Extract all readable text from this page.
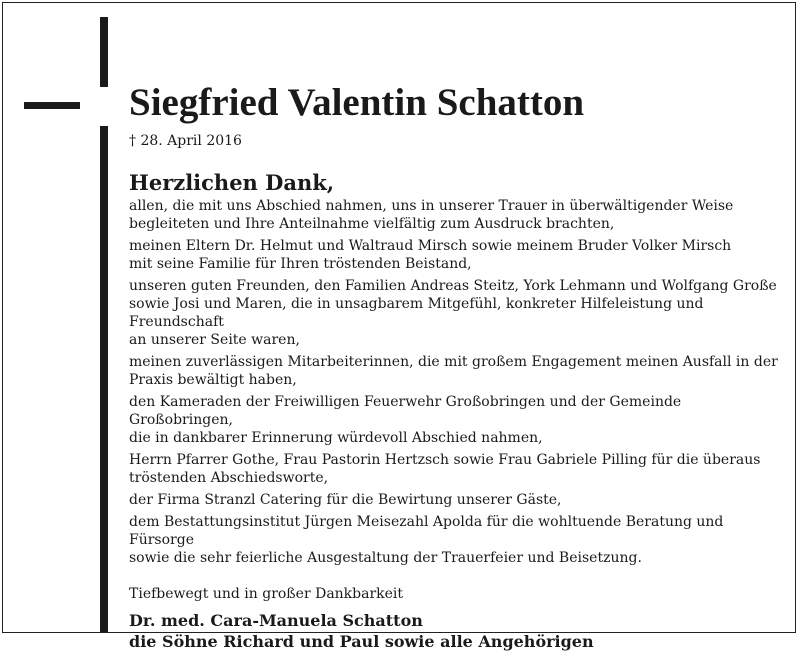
Siegfried Valentin Schatton
† 28. April 2016
Herzlichen Dank,
allen, die mit uns Abschied nahmen, uns in unserer Trauer in überwältigender Weise
begleiteten und Ihre Anteilnahme vielfältig zum Ausdruck brachten,
meinen Eltern Dr. Helmut und Waltraud Mirsch sowie meinem Bruder Volker Mirsch
mit seine Familie für Ihren tröstenden Beistand,
unseren guten Freunden, den Familien Andreas Steitz, York Lehmann und Wolfgang Große
sowie Josi und Maren, die in unsagbarem Mitgefühl, konkreter Hilfeleistung und Freundschaft
an unserer Seite waren,
meinen zuverlässigen Mitarbeiterinnen, die mit großem Engagement meinen Ausfall in der
Praxis bewältigt haben,
den Kameraden der Freiwilligen Feuerwehr Großobringen und der Gemeinde Großobringen,
die in dankbarer Erinnerung würdevoll Abschied nahmen,
Herrn Pfarrer Gothe, Frau Pastorin Hertzsch sowie Frau Gabriele Pilling für die überaus
tröstenden Abschiedsworte,
der Firma Stranzl Catering für die Bewirtung unserer Gäste,
dem Bestattungsinstitut Jürgen Meisezahl Apolda für die wohltuende Beratung und Fürsorge
sowie die sehr feierliche Ausgestaltung der Trauerfeier und Beisetzung.
Tiefbewegt und in großer Dankbarkeit
Dr. med. Cara-Manuela Schatton
die Söhne Richard und Paul sowie alle Angehörigen
